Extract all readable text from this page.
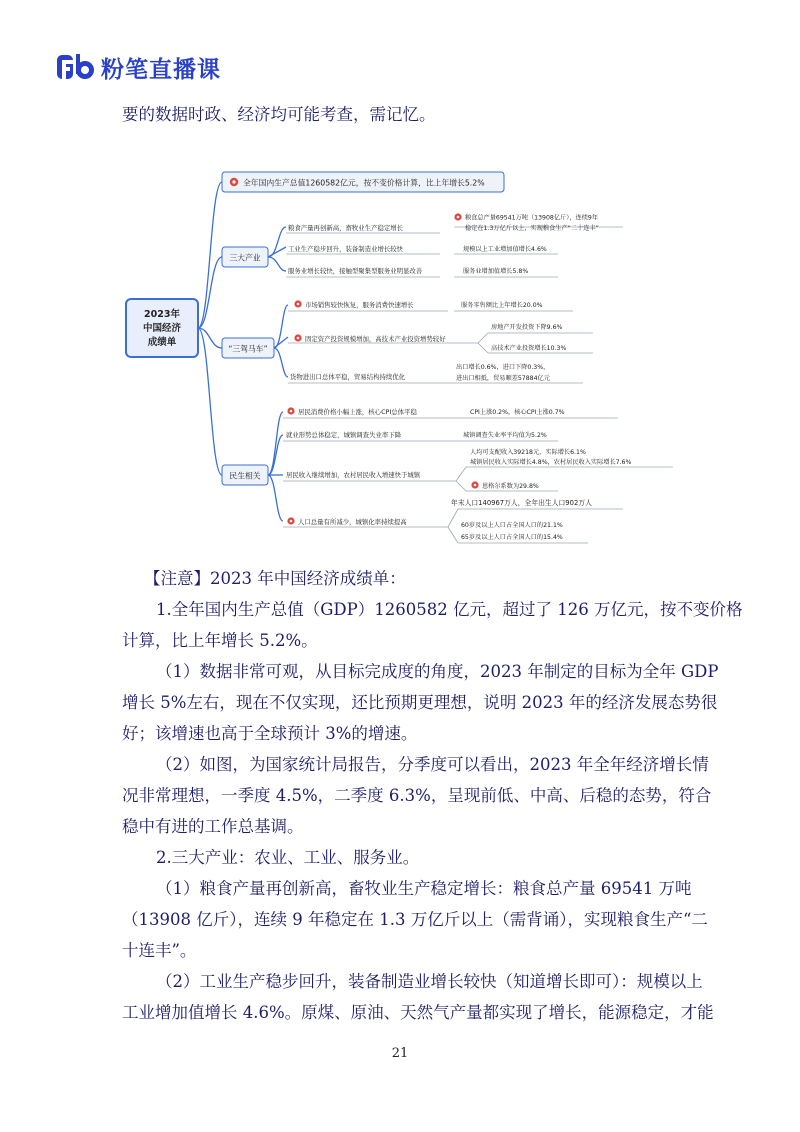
粉笔直播课
要的数据时政、经济均可能考查，需记忆。
2023年
中国经济
成绩单
全年国内生产总值1260582亿元，按不变价格计算，比上年增长5.2%
三大产业
“三驾马车”
民生相关
粮食产量再创新高，畜牧业生产稳定增长
粮食总产量69541万吨（13908亿斤），连续9年
稳定在1.3万亿斤以上，实现粮食生产“二十连丰”
工业生产稳步回升，装备制造业增长较快	规模以上工业增加值增长4.6%
服务业增长较快，接触型聚集型服务业明显改善	服务业增加值增长5.8%
市场销售较快恢复，服务消费快速增长	服务零售额比上年增长20.0%
固定资产投资规模增加，高技术产业投资增势较好
房地产开发投资下降9.6%
高技术产业投资增长10.3%
货物进出口总体平稳，贸易结构持续优化
出口增长0.6%，进口下降0.3%，
进出口相抵，贸易顺差57884亿元
居民消费价格小幅上涨，核心CPI总体平稳	CPI上涨0.2%，核心CPI上涨0.7%
就业形势总体稳定，城镇调查失业率下降	城镇调查失业率平均值为5.2%
居民收入继续增加，农村居民收入增速快于城镇
人均可支配收入39218元，实际增长6.1%
城镇居民收入实际增长4.8%，农村居民收入实际增长7.6%
恩格尔系数为29.8%
人口总量有所减少，城镇化率持续提高
年末人口140967万人，全年出生人口902万人
60岁及以上人口占全国人口的21.1%
65岁及以上人口占全国人口的15.4%
【注意】2023 年中国经济成绩单：
1.全年国内生产总值（GDP）1260582 亿元，超过了 126 万亿元，按不变价格
计算，比上年增长 5.2%。
（1）数据非常可观，从目标完成度的角度，2023 年制定的目标为全年 GDP
增长 5%左右，现在不仅实现，还比预期更理想，说明 2023 年的经济发展态势很
好；该增速也高于全球预计 3%的增速。
（2）如图，为国家统计局报告，分季度可以看出，2023 年全年经济增长情
况非常理想，一季度 4.5%，二季度 6.3%，呈现前低、中高、后稳的态势，符合
稳中有进的工作总基调。
2.三大产业：农业、工业、服务业。
（1）粮食产量再创新高，畜牧业生产稳定增长：粮食总产量 69541 万吨
（13908 亿斤），连续 9 年稳定在 1.3 万亿斤以上（需背诵），实现粮食生产“二
十连丰”。
（2）工业生产稳步回升，装备制造业增长较快（知道增长即可）：规模以上
工业增加值增长 4.6%。原煤、原油、天然气产量都实现了增长，能源稳定，才能
21
